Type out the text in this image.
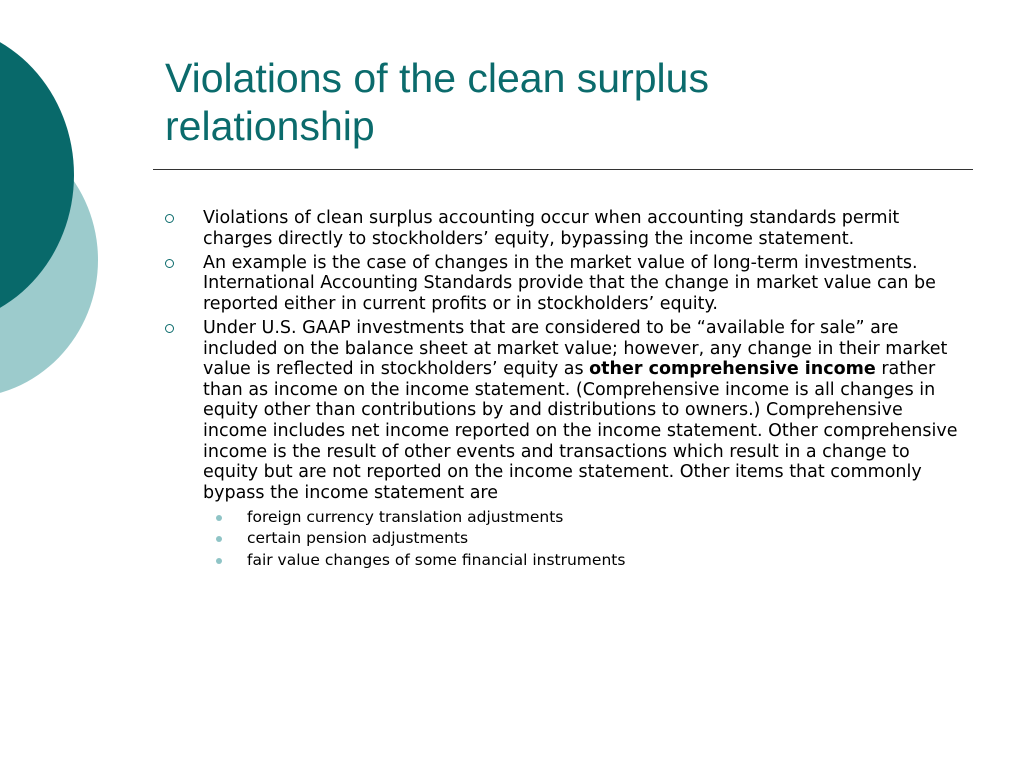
Violations of the clean surplus
relationship
Violations of clean surplus accounting occur when accounting standards permit charges directly to stockholders’ equity, bypassing the income statement.
An example is the case of changes in the market value of long-term investments. International Accounting Standards provide that the change in market value can be reported either in current profits or in stockholders’ equity.
Under U.S. GAAP investments that are considered to be “available for sale” are included on the balance sheet at market value; however, any change in their market value is reflected in stockholders’ equity as other comprehensive income rather than as income on the income statement. (Comprehensive income is all changes in equity other than contributions by and distributions to owners.) Comprehensive income includes net income reported on the income statement. Other comprehensive income is the result of other events and transactions which result in a change to equity but are not reported on the income statement. Other items that commonly bypass the income statement are
foreign currency translation adjustments
certain pension adjustments
fair value changes of some financial instruments
